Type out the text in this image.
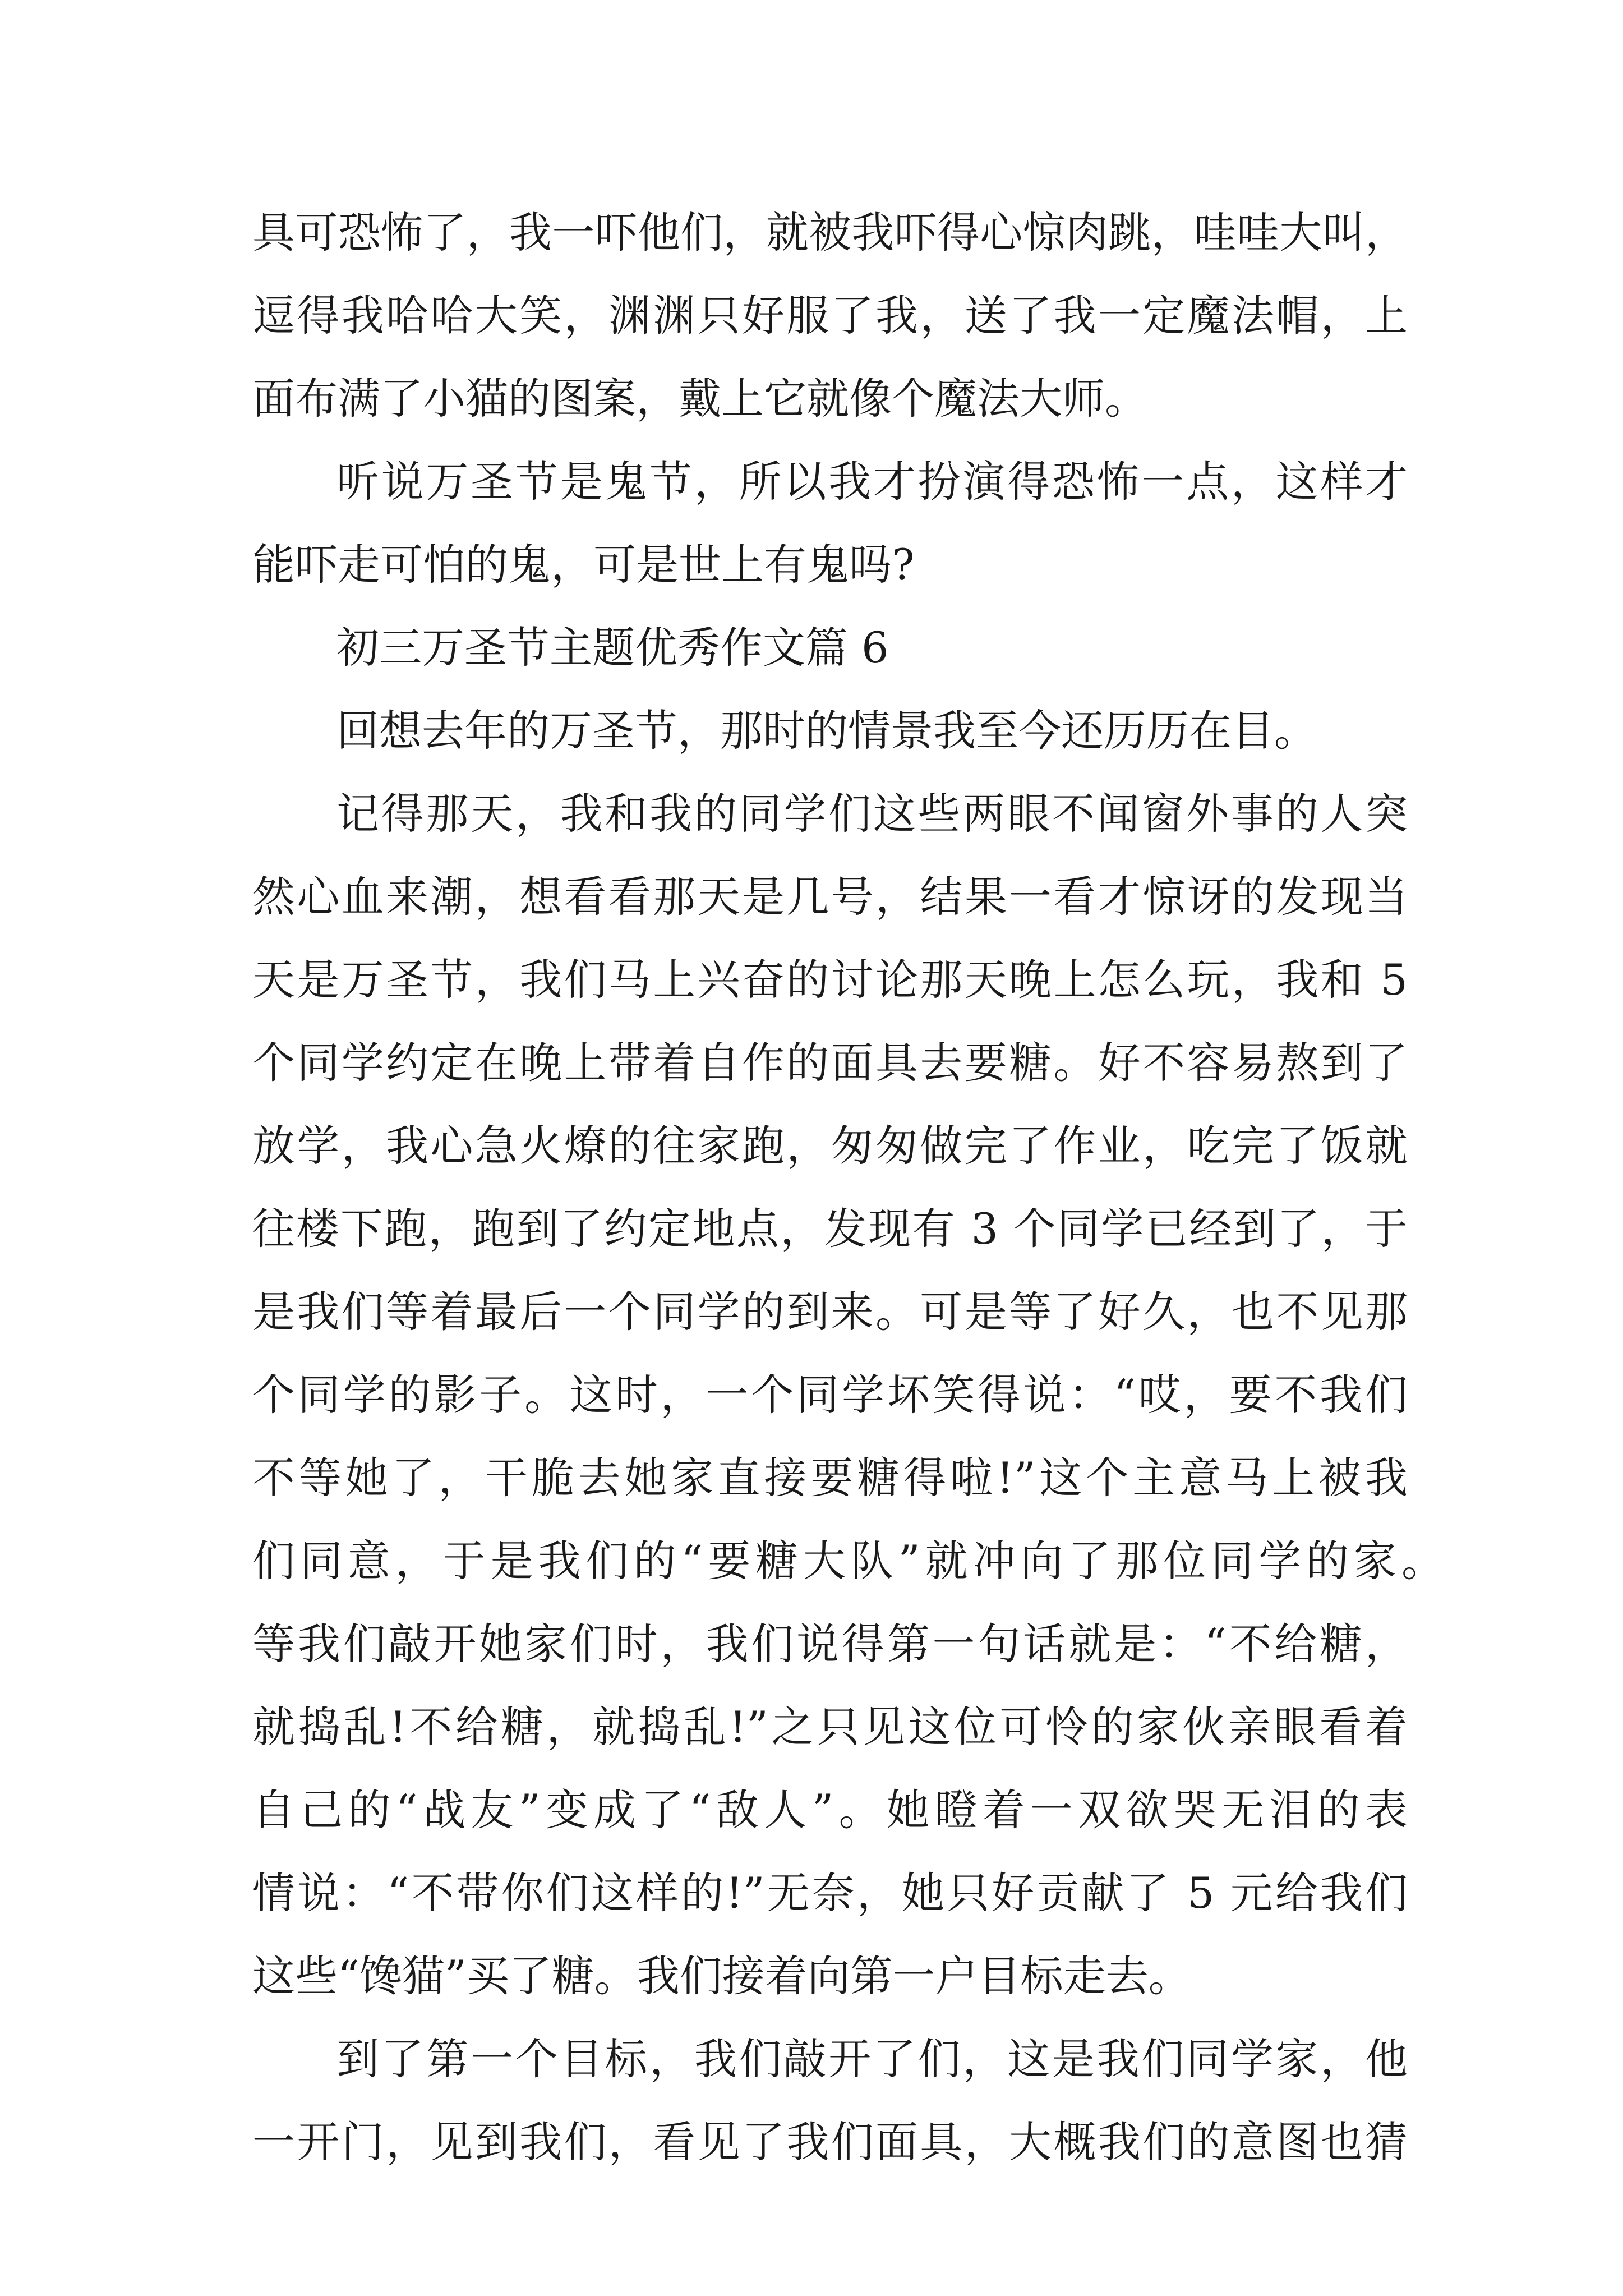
具可恐怖了，我一吓他们，就被我吓得心惊肉跳，哇哇大叫，
逗得我哈哈大笑，渊渊只好服了我，送了我一定魔法帽，上
面布满了小猫的图案，戴上它就像个魔法大师。
听说万圣节是鬼节，所以我才扮演得恐怖一点，这样才
能吓走可怕的鬼，可是世上有鬼吗?
初三万圣节主题优秀作文篇 6
回想去年的万圣节，那时的情景我至今还历历在目。
记得那天，我和我的同学们这些两眼不闻窗外事的人突
然心血来潮，想看看那天是几号，结果一看才惊讶的发现当
天是万圣节，我们马上兴奋的讨论那天晚上怎么玩，我和 5
个同学约定在晚上带着自作的面具去要糖。好不容易熬到了
放学，我心急火燎的往家跑，匆匆做完了作业，吃完了饭就
往楼下跑，跑到了约定地点，发现有 3 个同学已经到了，于
是我们等着最后一个同学的到来。可是等了好久，也不见那
个同学的影子。这时，一个同学坏笑得说：“哎，要不我们
不等她了，干脆去她家直接要糖得啦!”这个主意马上被我
们同意，于是我们的“要糖大队”就冲向了那位同学的家。
等我们敲开她家们时，我们说得第一句话就是：“不给糖，
就捣乱!不给糖，就捣乱!”之只见这位可怜的家伙亲眼看着
自己的“战友”变成了“敌人”。她瞪着一双欲哭无泪的表
情说：“不带你们这样的!”无奈，她只好贡献了 5 元给我们
这些“馋猫”买了糖。我们接着向第一户目标走去。
到了第一个目标，我们敲开了们，这是我们同学家，他
一开门，见到我们，看见了我们面具，大概我们的意图也猜
